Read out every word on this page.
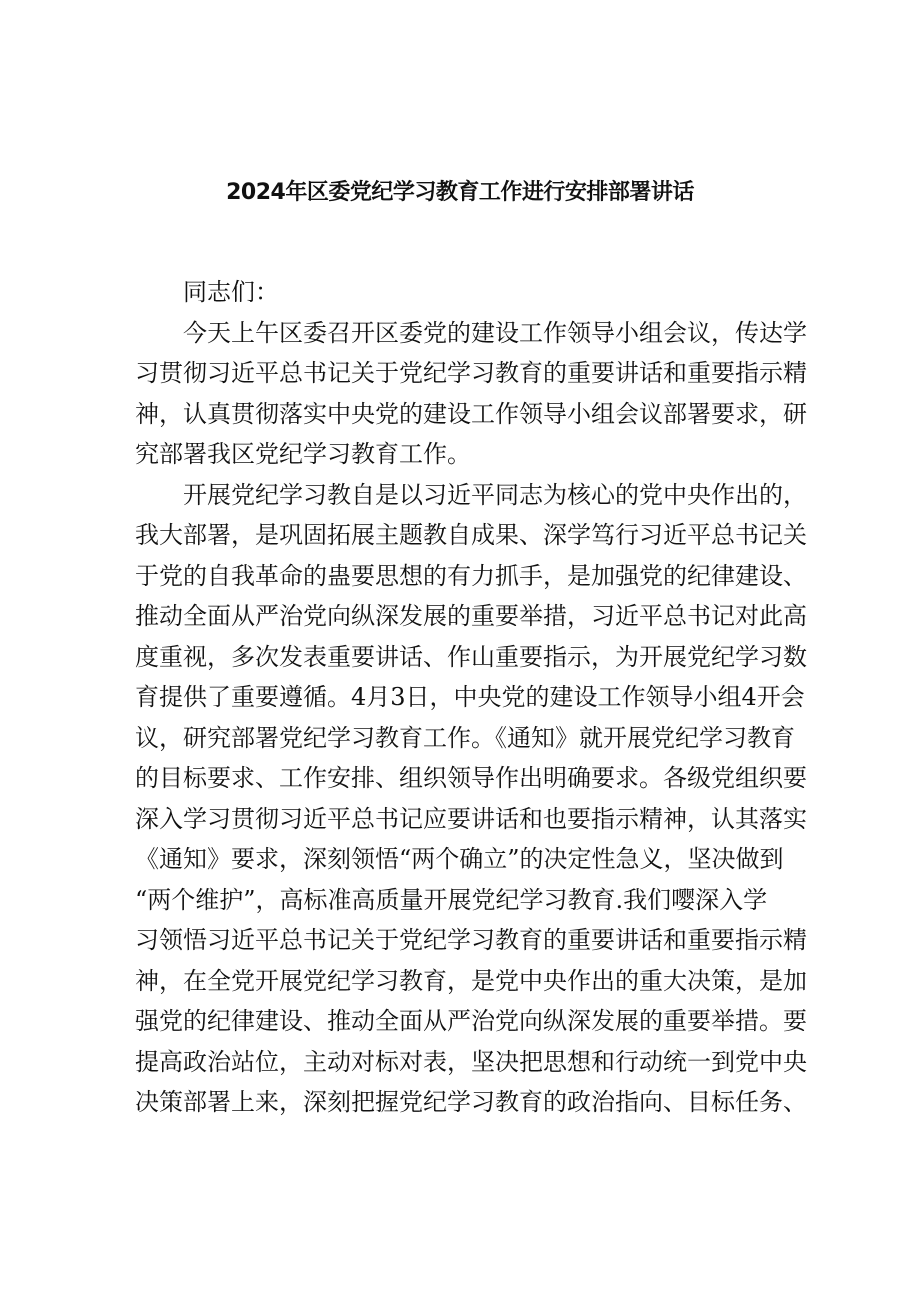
2024年区委党纪学习教育工作进行安排部署讲话
同志们：
今天上午区委召开区委党的建设工作领导小组会议，传达学
习贯彻习近平总书记关于党纪学习教育的重要讲话和重要指示精
神，认真贯彻落实中央党的建设工作领导小组会议部署要求，研
究部署我区党纪学习教育工作。
开展党纪学习教自是以习近平同志为核心的党中央作出的，
我大部署，是巩固拓展主题教自成果、深学笃行习近平总书记关
于党的自我革命的蛊要思想的有力抓手，是加强党的纪律建设、
推动全面从严治党向纵深发展的重要举措，习近平总书记对此高
度重视，多次发表重要讲话、作山重要指示，为开展党纪学习数
育提供了重要遵循。4月3日，中央党的建设工作领导小组4开会
议，研究部署党纪学习教育工作。《通知》就开展党纪学习教育
的目标要求、工作安排、组织领导作出明确要求。各级党组织要
深入学习贯彻习近平总书记应要讲话和也要指示精神，认其落实
《通知》要求，深刻领悟“两个确立”的决定性急义，坚决做到
“两个维护”，高标准高质量开展党纪学习教育.我们嘤深入学
习领悟习近平总书记关于党纪学习教育的重要讲话和重要指示精
神，在全党开展党纪学习教育，是党中央作出的重大决策，是加
强党的纪律建设、推动全面从严治党向纵深发展的重要举措。要
提高政治站位，主动对标对表，坚决把思想和行动统一到党中央
决策部署上来，深刻把握党纪学习教育的政治指向、目标任务、
